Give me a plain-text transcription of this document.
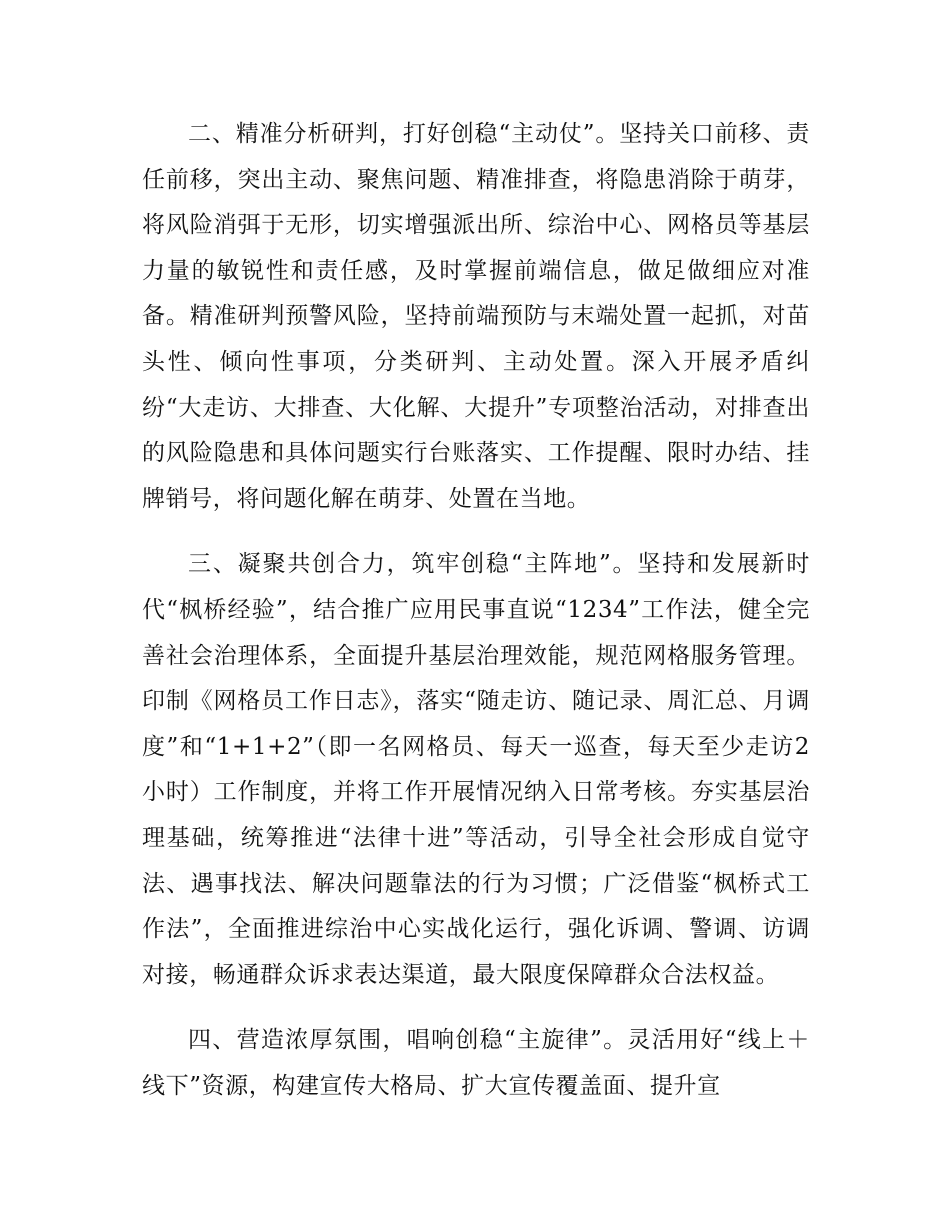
二、精准分析研判，打好创稳“主动仗”。坚持关口前移、责任前移，突出主动、聚焦问题、精准排查，将隐患消除于萌芽，将风险消弭于无形，切实增强派出所、综治中心、网格员等基层力量的敏锐性和责任感，及时掌握前端信息，做足做细应对准备。精准研判预警风险，坚持前端预防与末端处置一起抓，对苗头性、倾向性事项，分类研判、主动处置。深入开展矛盾纠纷“大走访、大排查、大化解、大提升”专项整治活动，对排查出的风险隐患和具体问题实行台账落实、工作提醒、限时办结、挂牌销号，将问题化解在萌芽、处置在当地。

三、凝聚共创合力，筑牢创稳“主阵地”。坚持和发展新时代“枫桥经验”，结合推广应用民事直说“1234”工作法，健全完善社会治理体系，全面提升基层治理效能，规范网格服务管理。印制《网格员工作日志》，落实“随走访、随记录、周汇总、月调度”和“1+1+2”（即一名网格员、每天一巡查，每天至少走访2小时）工作制度，并将工作开展情况纳入日常考核。夯实基层治理基础，统筹推进“法律十进”等活动，引导全社会形成自觉守法、遇事找法、解决问题靠法的行为习惯；广泛借鉴“枫桥式工作法”，全面推进综治中心实战化运行，强化诉调、警调、访调对接，畅通群众诉求表达渠道，最大限度保障群众合法权益。

四、营造浓厚氛围，唱响创稳“主旋律”。灵活用好“线上＋线下”资源，构建宣传大格局、扩大宣传覆盖面、提升宣
